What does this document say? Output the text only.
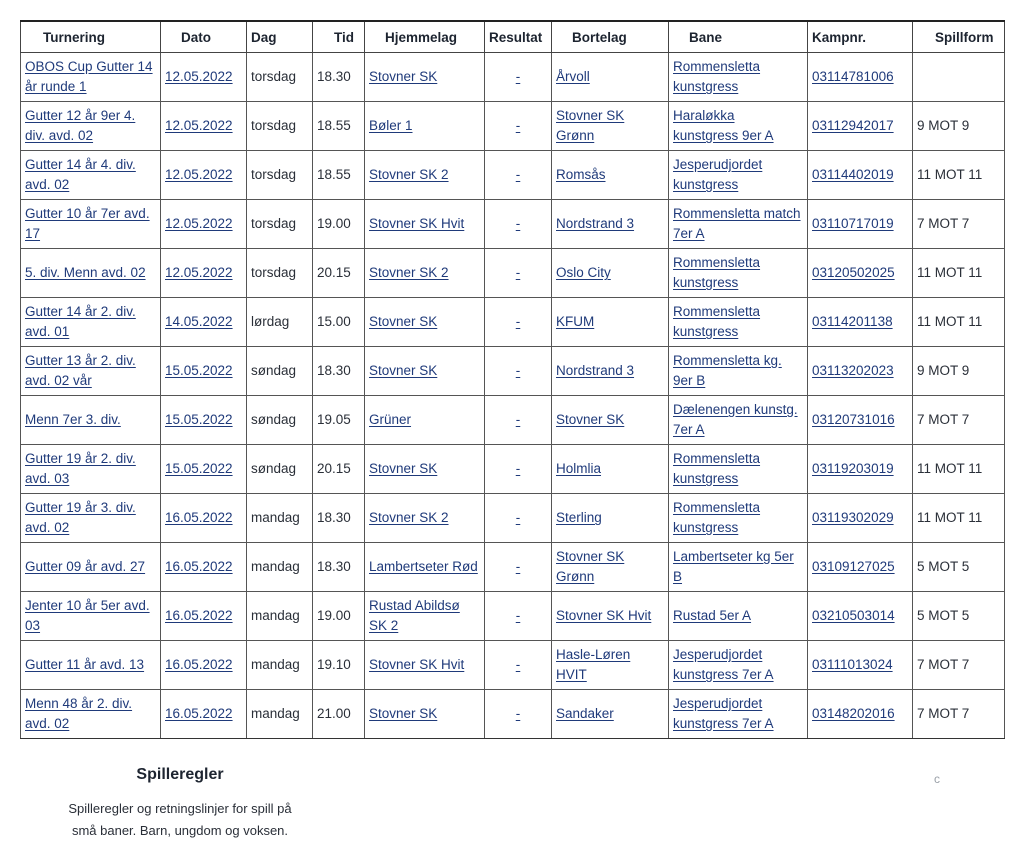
Turnering	Dato	Dag	Tid	Hjemmelag	Resultat	Bortelag	Bane	Kampnr.	Spillform
OBOS Cup Gutter 14 år runde 1	12.05.2022	torsdag	18.30	Stovner SK	-	Årvoll	Rommensletta kunstgress	03114781006	
Gutter 12 år 9er 4. div. avd. 02	12.05.2022	torsdag	18.55	Bøler 1	-	Stovner SK Grønn	Haraløkka kunstgress 9er A	03112942017	9 MOT 9
Gutter 14 år 4. div. avd. 02	12.05.2022	torsdag	18.55	Stovner SK 2	-	Romsås	Jesperudjordet kunstgress	03114402019	11 MOT 11
Gutter 10 år 7er avd. 17	12.05.2022	torsdag	19.00	Stovner SK Hvit	-	Nordstrand 3	Rommensletta match 7er A	03110717019	7 MOT 7
5. div. Menn avd. 02	12.05.2022	torsdag	20.15	Stovner SK 2	-	Oslo City	Rommensletta kunstgress	03120502025	11 MOT 11
Gutter 14 år 2. div. avd. 01	14.05.2022	lørdag	15.00	Stovner SK	-	KFUM	Rommensletta kunstgress	03114201138	11 MOT 11
Gutter 13 år 2. div. avd. 02 vår	15.05.2022	søndag	18.30	Stovner SK	-	Nordstrand 3	Rommensletta kg. 9er B	03113202023	9 MOT 9
Menn 7er 3. div.	15.05.2022	søndag	19.05	Grüner	-	Stovner SK	Dælenengen kunstg. 7er A	03120731016	7 MOT 7
Gutter 19 år 2. div. avd. 03	15.05.2022	søndag	20.15	Stovner SK	-	Holmlia	Rommensletta kunstgress	03119203019	11 MOT 11
Gutter 19 år 3. div. avd. 02	16.05.2022	mandag	18.30	Stovner SK 2	-	Sterling	Rommensletta kunstgress	03119302029	11 MOT 11
Gutter 09 år avd. 27	16.05.2022	mandag	18.30	Lambertseter Rød	-	Stovner SK Grønn	Lambertseter kg 5er B	03109127025	5 MOT 5
Jenter 10 år 5er avd. 03	16.05.2022	mandag	19.00	Rustad Abildsø SK 2	-	Stovner SK Hvit	Rustad 5er A	03210503014	5 MOT 5
Gutter 11 år avd. 13	16.05.2022	mandag	19.10	Stovner SK Hvit	-	Hasle-Løren HVIT	Jesperudjordet kunstgress 7er A	03111013024	7 MOT 7
Menn 48 år 2. div. avd. 02	16.05.2022	mandag	21.00	Stovner SK	-	Sandaker	Jesperudjordet kunstgress 7er A	03148202016	7 MOT 7
Spilleregler

Spilleregler og retningslinjer for spill på

små baner. Barn, ungdom og voksen.

c
